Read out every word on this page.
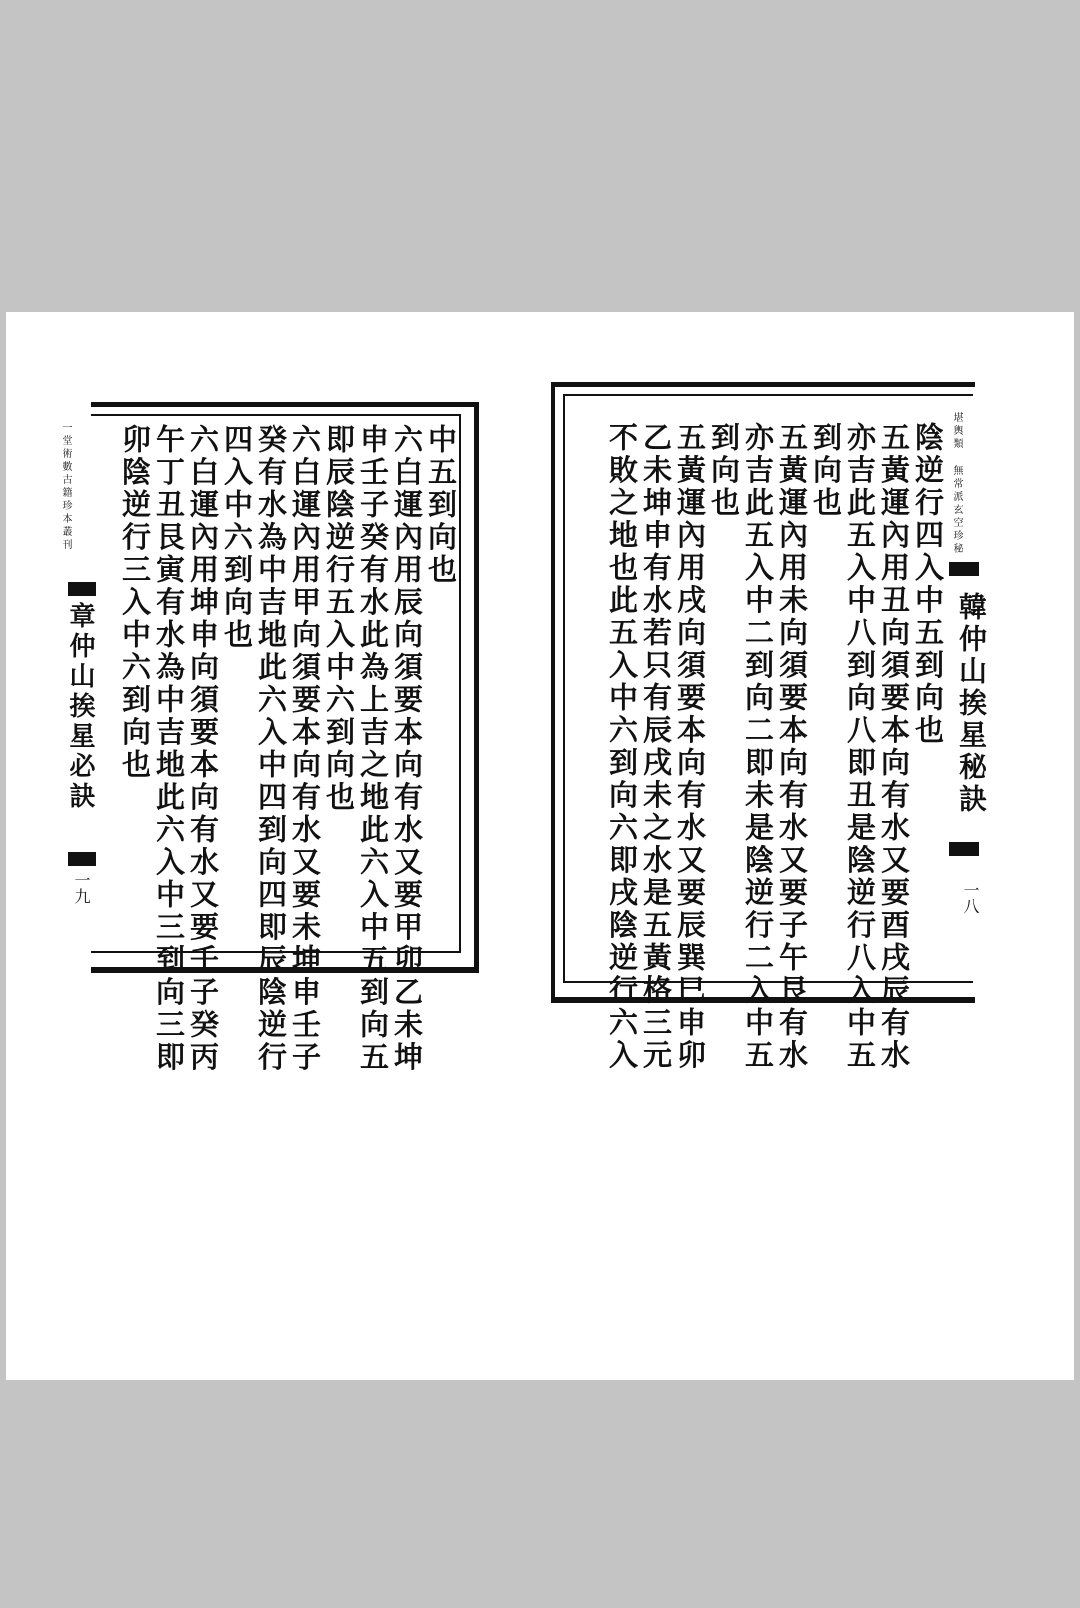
一堂術數古籍珍本叢刊
章仲山挨星必訣
一九
中五到向也
六白運內用辰向須要本向有水又要甲卯乙未坤
申壬子癸有水此為上吉之地此六入中五到向五
即辰陰逆行五入中六到向也
六白運內用甲向須要本向有水又要未坤申壬子
癸有水為中吉地此六入中四到向四即辰陰逆行
四入中六到向也
六白運內用坤申向須要本向有水又要壬子癸丙
午丁丑艮寅有水為中吉地此六入中三到向三即
卯陰逆行三入中六到向也	陰逆行四入中五到向也
五黃運內用丑向須要本向有水又要酉戌辰有水
亦吉此五入中八到向八即丑是陰逆行八入中五
到向也
五黃運內用未向須要本向有水又要子午艮有水
亦吉此五入中二到向二即未是陰逆行二入中五
到向也
五黃運內用戌向須要本向有水又要辰巽巳申卯
乙未坤申有水若只有辰戌未之水是五黃格三元
不敗之地也此五入中六到向六即戌陰逆行六入	堪輿類 無常派玄空珍秘
韓仲山挨星秘訣
一八
